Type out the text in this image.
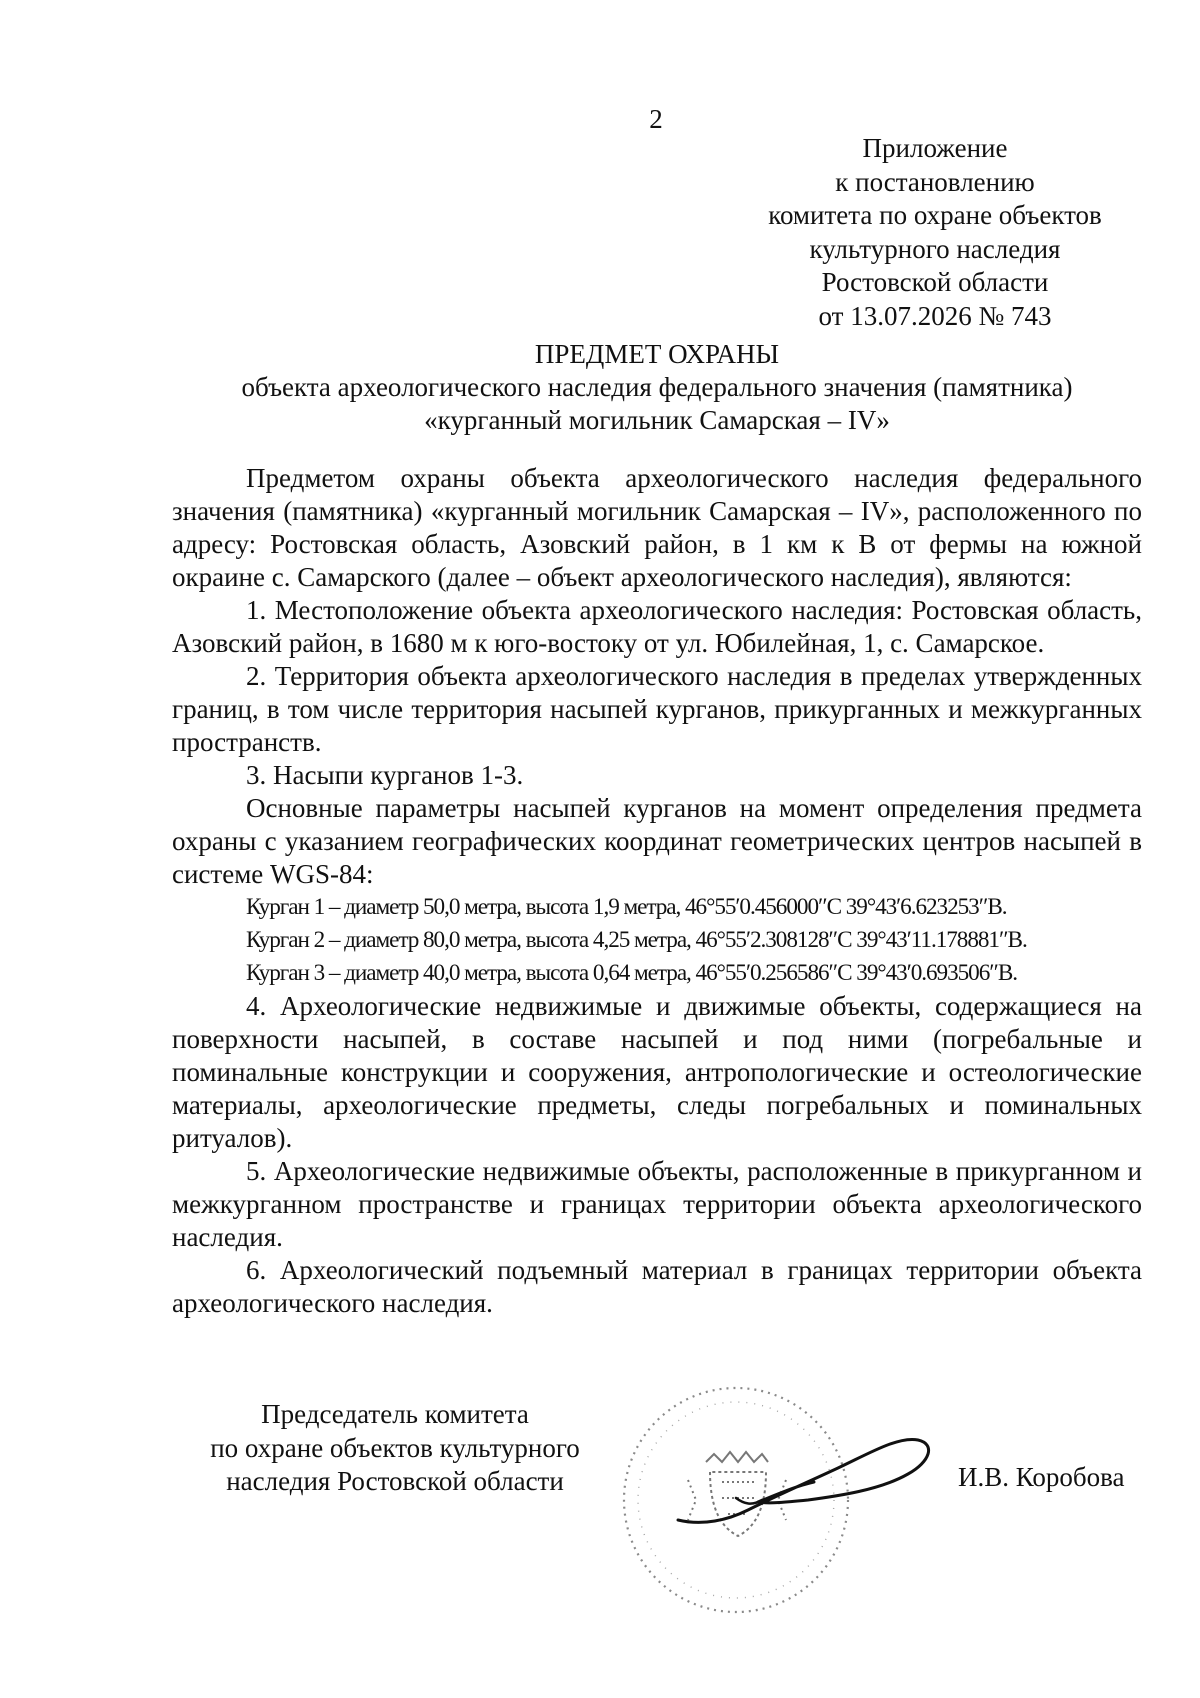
2
Приложение
к постановлению
комитета по охране объектов
культурного наследия
Ростовской области
от 13.07.2026 № 743
ПРЕДМЕТ ОХРАНЫ
объекта археологического наследия федерального значения (памятника)
«курганный могильник Самарская – IV»

Предметом охраны объекта археологического наследия федерального значения (памятника) «курганный могильник Самарская – IV», расположенного по адресу: Ростовская область, Азовский район, в 1 км к В от фермы на южной окраине с. Самарского (далее – объект археологического наследия), являются:

1. Местоположение объекта археологического наследия: Ростовская область, Азовский район, в 1680 м к юго-востоку от ул. Юбилейная, 1, с. Самарское.

2. Территория объекта археологического наследия в пределах утвержденных границ, в том числе территория насыпей курганов, прикурганных и межкурганных пространств.

3. Насыпи курганов 1-3.

Основные параметры насыпей курганов на момент определения предмета охраны с указанием географических координат геометрических центров насыпей в системе WGS-84:

Курган 1 – диаметр 50,0 метра, высота 1,9 метра, 46°55′0.456000″С 39°43′6.623253″В.

Курган 2 – диаметр 80,0 метра, высота 4,25 метра, 46°55′2.308128″С 39°43′11.178881″В.

Курган 3 – диаметр 40,0 метра, высота 0,64 метра, 46°55′0.256586″С 39°43′0.693506″В.

4. Археологические недвижимые и движимые объекты, содержащиеся на поверхности насыпей, в составе насыпей и под ними (погребальные и поминальные конструкции и сооружения, антропологические и остеологические материалы, археологические предметы, следы погребальных и поминальных ритуалов).

5. Археологические недвижимые объекты, расположенные в прикурганном и межкурганном пространстве и границах территории объекта археологического наследия.

6. Археологический подъемный материал в границах территории объекта археологического наследия.

Председатель комитета
по охране объектов культурного
наследия Ростовской области	И.В. Коробова
